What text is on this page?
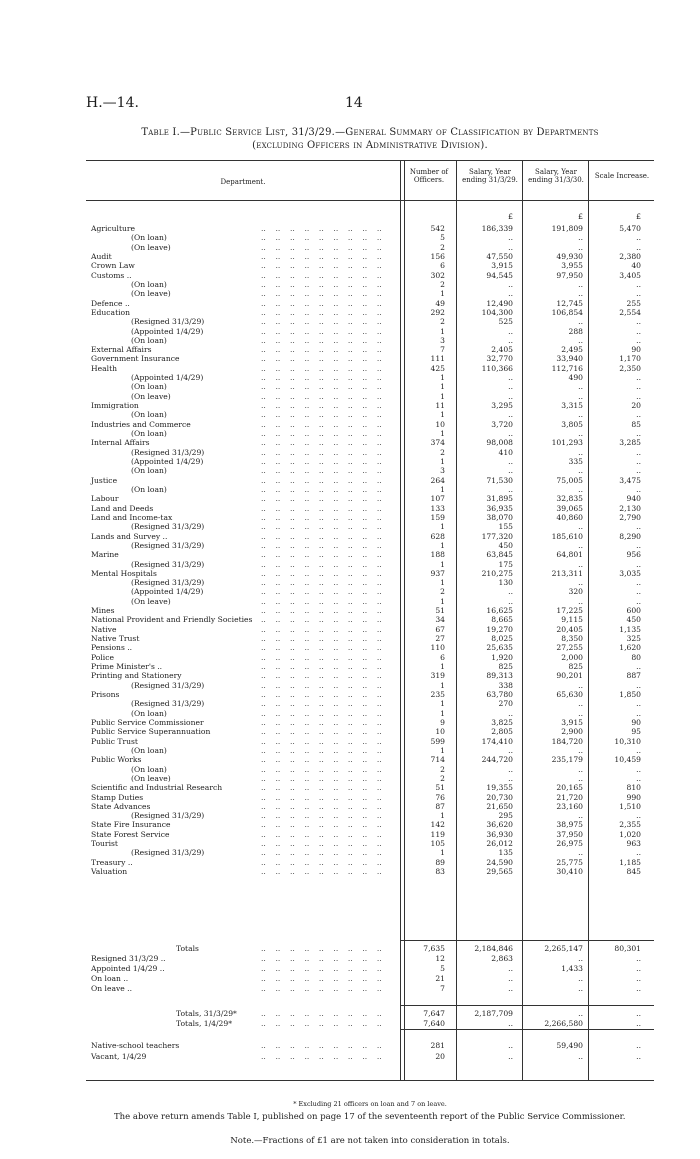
H.—14.	14
Table I.—Public Service List, 31/3/29.—General Summary of Classification by Departments
(excluding Officers in Administrative Division).
Department.
Number of Officers.
Salary, Year ending 31/3/29.
Salary, Year ending 31/3/30.	Scale Increase.
£	£	£
Agriculture	..    ..    ..    ..    ..    ..    ..    ..    ..	542	186,339	191,809	5,470
(On loan)	..    ..    ..    ..    ..    ..    ..    ..    ..	5	..	..	..
(On leave)	..    ..    ..    ..    ..    ..    ..    ..    ..	2	..	..	..
Audit	..    ..    ..    ..    ..    ..    ..    ..    ..	156	47,550	49,930	2,380
Crown Law	..    ..    ..    ..    ..    ..    ..    ..    ..	6	3,915	3,955	40
Customs ..	..    ..    ..    ..    ..    ..    ..    ..    ..	302	94,545	97,950	3,405
(On loan)	..    ..    ..    ..    ..    ..    ..    ..    ..	2	..	..	..
(On leave)	..    ..    ..    ..    ..    ..    ..    ..    ..	1	..	..	..
Defence ..	..    ..    ..    ..    ..    ..    ..    ..    ..	49	12,490	12,745	255
Education	..    ..    ..    ..    ..    ..    ..    ..    ..	292	104,300	106,854	2,554
(Resigned 31/3/29)	..    ..    ..    ..    ..    ..    ..    ..    ..	2	525	..	..
(Appointed 1/4/29)	..    ..    ..    ..    ..    ..    ..    ..    ..	1	..	288	..
(On loan)	..    ..    ..    ..    ..    ..    ..    ..    ..	3	..	..	..
External Affairs	..    ..    ..    ..    ..    ..    ..    ..    ..	7	2,405	2,495	90
Government Insurance	..    ..    ..    ..    ..    ..    ..    ..    ..	111	32,770	33,940	1,170
Health	..    ..    ..    ..    ..    ..    ..    ..    ..	425	110,366	112,716	2,350
(Appointed 1/4/29)	..    ..    ..    ..    ..    ..    ..    ..    ..	1	..	490	..
(On loan)	..    ..    ..    ..    ..    ..    ..    ..    ..	1	..	..	..
(On leave)	..    ..    ..    ..    ..    ..    ..    ..    ..	1	..	..	..
Immigration	..    ..    ..    ..    ..    ..    ..    ..    ..	11	3,295	3,315	20
(On loan)	..    ..    ..    ..    ..    ..    ..    ..    ..	1	..	..	..
Industries and Commerce	..    ..    ..    ..    ..    ..    ..    ..    ..	10	3,720	3,805	85
(On loan)	..    ..    ..    ..    ..    ..    ..    ..    ..	1	..	..	..
Internal Affairs	..    ..    ..    ..    ..    ..    ..    ..    ..	374	98,008	101,293	3,285
(Resigned 31/3/29)	..    ..    ..    ..    ..    ..    ..    ..    ..	2	410	..	..
(Appointed 1/4/29)	..    ..    ..    ..    ..    ..    ..    ..    ..	1	..	335	..
(On loan)	..    ..    ..    ..    ..    ..    ..    ..    ..	3	..	..	..
Justice	..    ..    ..    ..    ..    ..    ..    ..    ..	264	71,530	75,005	3,475
(On loan)	..    ..    ..    ..    ..    ..    ..    ..    ..	1	..	..	..
Labour	..    ..    ..    ..    ..    ..    ..    ..    ..	107	31,895	32,835	940
Land and Deeds	..    ..    ..    ..    ..    ..    ..    ..    ..	133	36,935	39,065	2,130
Land and Income-tax	..    ..    ..    ..    ..    ..    ..    ..    ..	159	38,070	40,860	2,790
(Resigned 31/3/29)	..    ..    ..    ..    ..    ..    ..    ..    ..	1	155	..	..
Lands and Survey ..	..    ..    ..    ..    ..    ..    ..    ..    ..	628	177,320	185,610	8,290
(Resigned 31/3/29)	..    ..    ..    ..    ..    ..    ..    ..    ..	1	450	..	..
Marine	..    ..    ..    ..    ..    ..    ..    ..    ..	188	63,845	64,801	956
(Resigned 31/3/29)	..    ..    ..    ..    ..    ..    ..    ..    ..	1	175	..	..
Mental Hospitals	..    ..    ..    ..    ..    ..    ..    ..    ..	937	210,275	213,311	3,035
(Resigned 31/3/29)	..    ..    ..    ..    ..    ..    ..    ..    ..	1	130	..	..
(Appointed 1/4/29)	..    ..    ..    ..    ..    ..    ..    ..    ..	2	..	320	..
(On leave)	..    ..    ..    ..    ..    ..    ..    ..    ..	1	..	..	..
Mines	..    ..    ..    ..    ..    ..    ..    ..    ..	51	16,625	17,225	600
National Provident and Friendly Societies ..    ..    ..    ..    ..    ..    ..    ..    ..	34	8,665	9,115	450
Native	..    ..    ..    ..    ..    ..    ..    ..    ..	67	19,270	20,405	1,135
Native Trust	..    ..    ..    ..    ..    ..    ..    ..    ..	27	8,025	8,350	325
Pensions ..	..    ..    ..    ..    ..    ..    ..    ..    ..	110	25,635	27,255	1,620
Police	..    ..    ..    ..    ..    ..    ..    ..    ..	6	1,920	2,000	80
Prime Minister's ..	..    ..    ..    ..    ..    ..    ..    ..    ..	1	825	825	..
Printing and Stationery	..    ..    ..    ..    ..    ..    ..    ..    ..	319	89,313	90,201	887
(Resigned 31/3/29)	..    ..    ..    ..    ..    ..    ..    ..    ..	1	338	..	..
Prisons	..    ..    ..    ..    ..    ..    ..    ..    ..	235	63,780	65,630	1,850
(Resigned 31/3/29)	..    ..    ..    ..    ..    ..    ..    ..    ..	1	270	..	..
(On loan)	..    ..    ..    ..    ..    ..    ..    ..    ..	1	..	..	..
Public Service Commissioner	..    ..    ..    ..    ..    ..    ..    ..    ..	9	3,825	3,915	90
Public Service Superannuation	..    ..    ..    ..    ..    ..    ..    ..    ..	10	2,805	2,900	95
Public Trust	..    ..    ..    ..    ..    ..    ..    ..    ..	599	174,410	184,720	10,310
(On loan)	..    ..    ..    ..    ..    ..    ..    ..    ..	1	..	..	..
Public Works	..    ..    ..    ..    ..    ..    ..    ..    ..	714	244,720	235,179	10,459
(On loan)	..    ..    ..    ..    ..    ..    ..    ..    ..	2	..	..	..
(On leave)	..    ..    ..    ..    ..    ..    ..    ..    ..	2	..	..	..
Scientific and Industrial Research	..    ..    ..    ..    ..    ..    ..    ..    ..	51	19,355	20,165	810
Stamp Duties	..    ..    ..    ..    ..    ..    ..    ..    ..	76	20,730	21,720	990
State Advances	..    ..    ..    ..    ..    ..    ..    ..    ..	87	21,650	23,160	1,510
(Resigned 31/3/29)	..    ..    ..    ..    ..    ..    ..    ..    ..	1	295	..	..
State Fire Insurance	..    ..    ..    ..    ..    ..    ..    ..    ..	142	36,620	38,975	2,355
State Forest Service	..    ..    ..    ..    ..    ..    ..    ..    ..	119	36,930	37,950	1,020
Tourist	..    ..    ..    ..    ..    ..    ..    ..    ..	105	26,012	26,975	963
(Resigned 31/3/29)	..    ..    ..    ..    ..    ..    ..    ..    ..	1	135	..	..
Treasury ..	..    ..    ..    ..    ..    ..    ..    ..    ..	89	24,590	25,775	1,185
Valuation	..    ..    ..    ..    ..    ..    ..    ..    ..	83	29,565	30,410	845
Totals	..    ..    ..    ..    ..    ..    ..    ..    ..	7,635	2,184,846	2,265,147	80,301
Resigned 31/3/29 ..	..    ..    ..    ..    ..    ..    ..    ..    ..	12	2,863	..	..
Appointed 1/4/29 ..	..    ..    ..    ..    ..    ..    ..    ..    ..	5	..	1,433	..
On loan ..	..    ..    ..    ..    ..    ..    ..    ..    ..	21	..	..	..
On leave ..	..    ..    ..    ..    ..    ..    ..    ..    ..	7	..	..	..
Totals, 31/3/29*	..    ..    ..    ..    ..    ..    ..    ..    ..	7,647	2,187,709	..	..
Totals, 1/4/29*	..    ..    ..    ..    ..    ..    ..    ..    ..	7,640	..	2,266,580	..
Native-school teachers	..    ..    ..    ..    ..    ..    ..    ..    ..	281	..	59,490	..
Vacant, 1/4/29	..    ..    ..    ..    ..    ..    ..    ..    ..	20	..	..	..
* Excluding 21 officers on loan and 7 on leave.
The above return amends Table I, published on page 17 of the seventeenth report of the Public Service Commissioner.
Note.—Fractions of £1 are not taken into consideration in totals.
